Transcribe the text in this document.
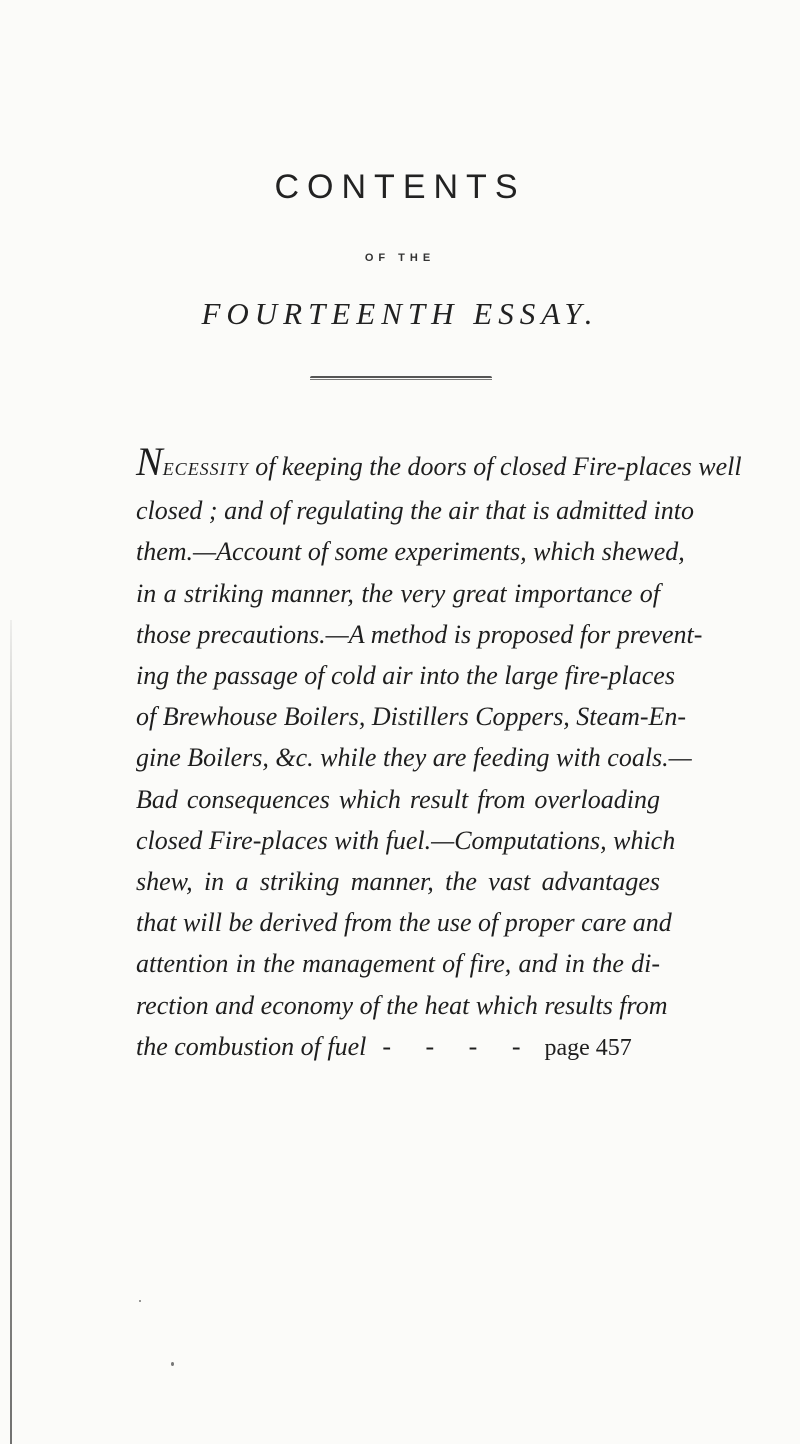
CONTENTS
OF THE
FOURTEENTH ESSAY.
NECESSITY of keeping the doors of closed Fire-places well
closed ; and of regulating the air that is admitted into
them.—Account of some experiments, which shewed,
in a striking manner, the very great importance of
those precautions.—A method is proposed for prevent-
ing the passage of cold air into the large fire-places
of Brewhouse Boilers, Distillers Coppers, Steam-En-
gine Boilers, &c. while they are feeding with coals.—
Bad consequences which result from overloading
closed Fire-places with fuel.—Computations, which
shew, in a striking manner, the vast advantages
that will be derived from the use of proper care and
attention in the management of fire, and in the di-
rection and economy of the heat which results from
the combustion of fuel - - - - page 457
